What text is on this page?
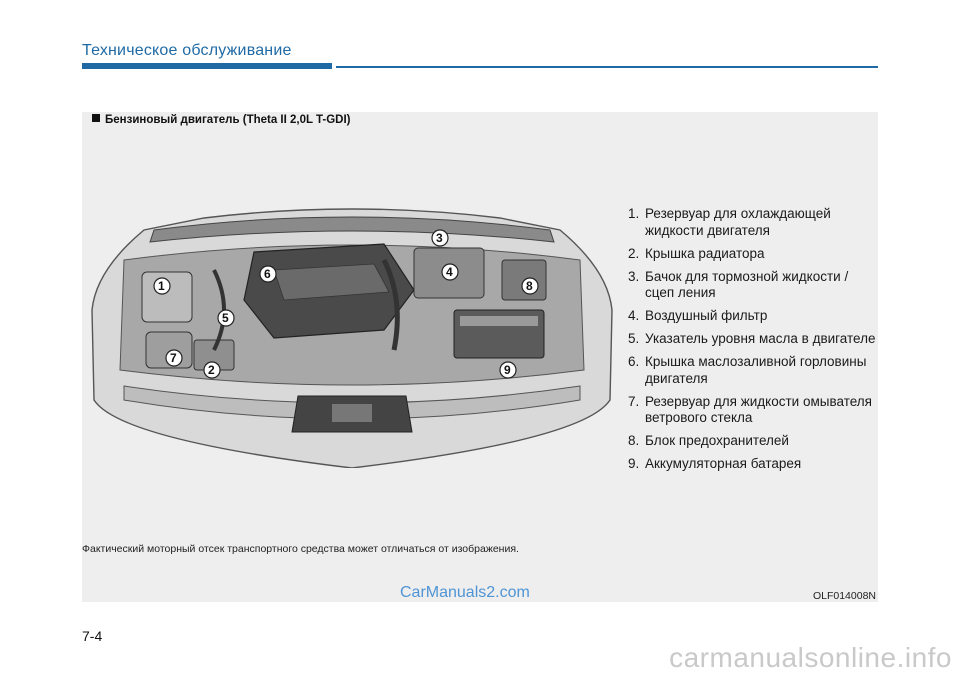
Техническое обслуживание
Бензиновый двигатель (Theta II 2,0L T-GDI)
1
2
3
4
5
6
7
8
9
1. Резервуар для охлаждающей жидкости двигателя
2. Крышка радиатора
3. Бачок для тормозной жидкости / сцеп ления
4. Воздушный фильтр
5. Указатель уровня масла в двигателе
6. Крышка маслозаливной горловины двигателя
7. Резервуар для жидкости омывателя ветрового стекла
8. Блок предохранителей
9. Аккумуляторная батарея
Фактический моторный отсек транспортного средства может отличаться от изображения.
OLF014008N
CarManuals2.com
7-4
carmanualsonline.info
